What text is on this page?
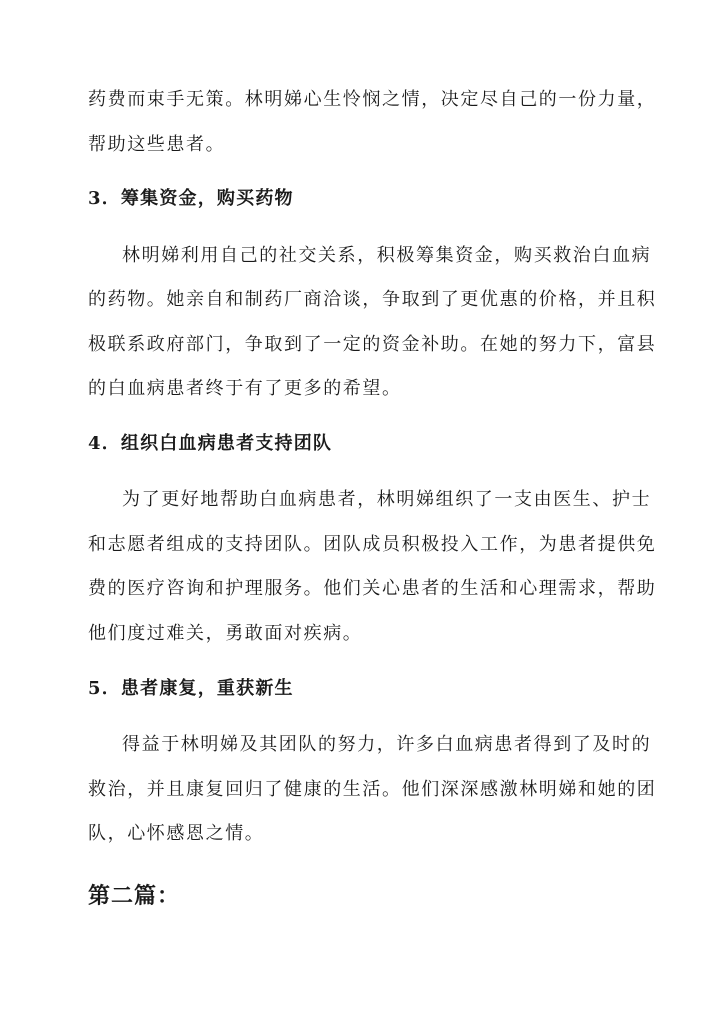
药费而束手无策。林明娣心生怜悯之情，决定尽自己的一份力量，
帮助这些患者。
3．筹集资金，购买药物
林明娣利用自己的社交关系，积极筹集资金，购买救治白血病
的药物。她亲自和制药厂商洽谈，争取到了更优惠的价格，并且积
极联系政府部门，争取到了一定的资金补助。在她的努力下，富县
的白血病患者终于有了更多的希望。
4．组织白血病患者支持团队
为了更好地帮助白血病患者，林明娣组织了一支由医生、护士
和志愿者组成的支持团队。团队成员积极投入工作，为患者提供免
费的医疗咨询和护理服务。他们关心患者的生活和心理需求，帮助
他们度过难关，勇敢面对疾病。
5．患者康复，重获新生
得益于林明娣及其团队的努力，许多白血病患者得到了及时的
救治，并且康复回归了健康的生活。他们深深感激林明娣和她的团
队，心怀感恩之情。
第二篇：
